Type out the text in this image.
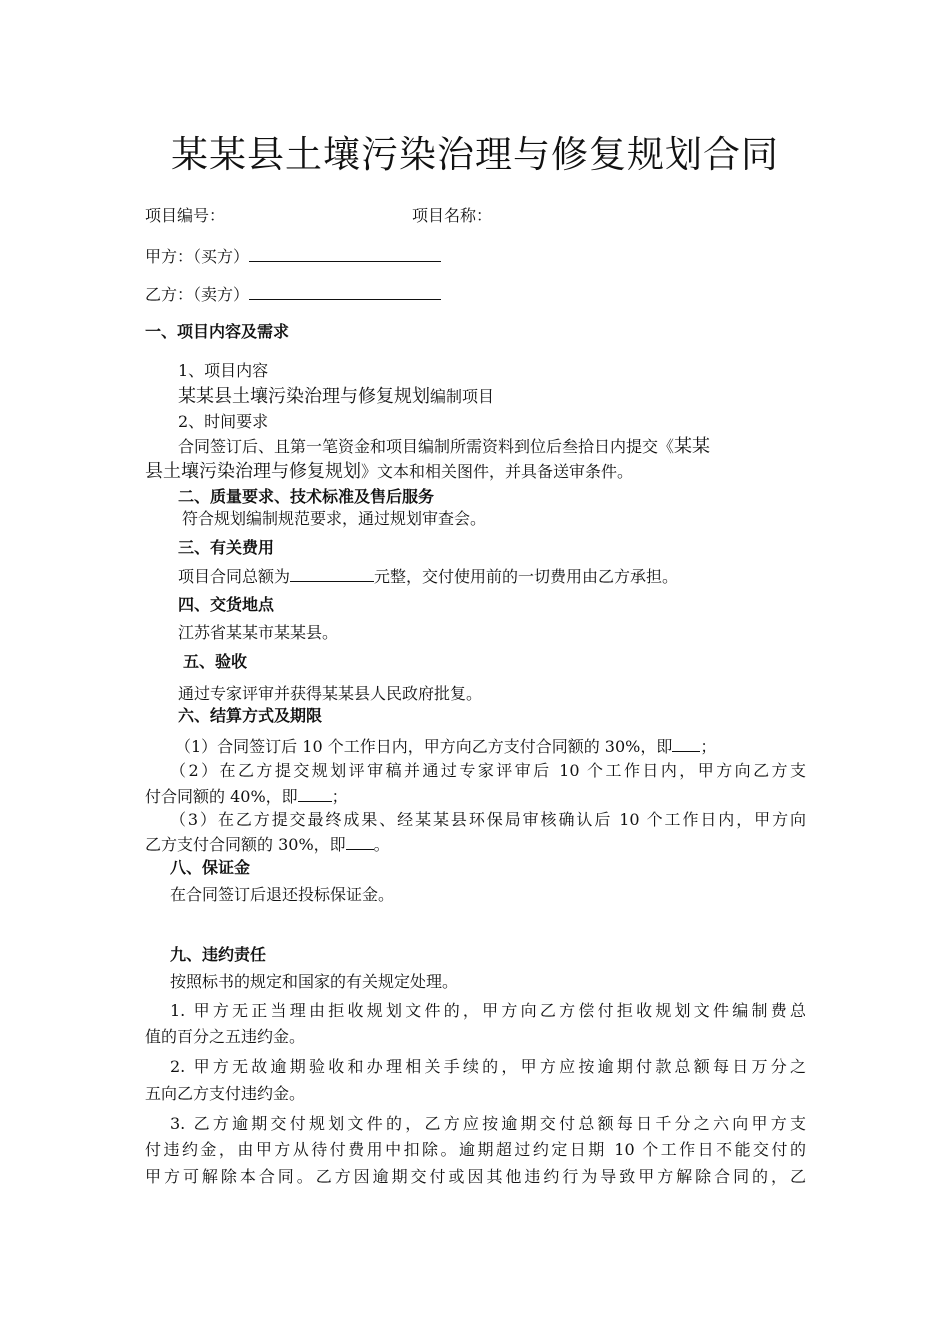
某某县土壤污染治理与修复规划合同
项目编号：	项目名称：
甲方：（买方）
乙方：（卖方）
一、项目内容及需求
1、项目内容
某某县土壤污染治理与修复规划编制项目
2、时间要求
合同签订后、且第一笔资金和项目编制所需资料到位后叁拾日内提交《某某
县土壤污染治理与修复规划》文本和相关图件，并具备送审条件。
二、质量要求、技术标准及售后服务
符合规划编制规范要求，通过规划审查会。
三、有关费用
项目合同总额为	元整，交付使用前的一切费用由乙方承担。
四、交货地点
江苏省某某市某某县。
五、验收
通过专家评审并获得某某县人民政府批复。
六、结算方式及期限
（1）合同签订后 10 个工作日内，甲方向乙方支付合同额的 30%，即 ；
（2）在乙方提交规划评审稿并通过专家评审后 10 个工作日内，甲方向乙方支
付合同额的 40%，即 ；
（3）在乙方提交最终成果、经某某县环保局审核确认后 10 个工作日内，甲方向
乙方支付合同额的 30%，即 。
八、保证金
在合同签订后退还投标保证金。
九、违约责任
按照标书的规定和国家的有关规定处理。
1. 甲方无正当理由拒收规划文件的，甲方向乙方偿付拒收规划文件编制费总
值的百分之五违约金。
2. 甲方无故逾期验收和办理相关手续的，甲方应按逾期付款总额每日万分之
五向乙方支付违约金。
3. 乙方逾期交付规划文件的，乙方应按逾期交付总额每日千分之六向甲方支
付违约金，由甲方从待付费用中扣除。逾期超过约定日期 10 个工作日不能交付的
甲方可解除本合同。乙方因逾期交付或因其他违约行为导致甲方解除合同的，乙
